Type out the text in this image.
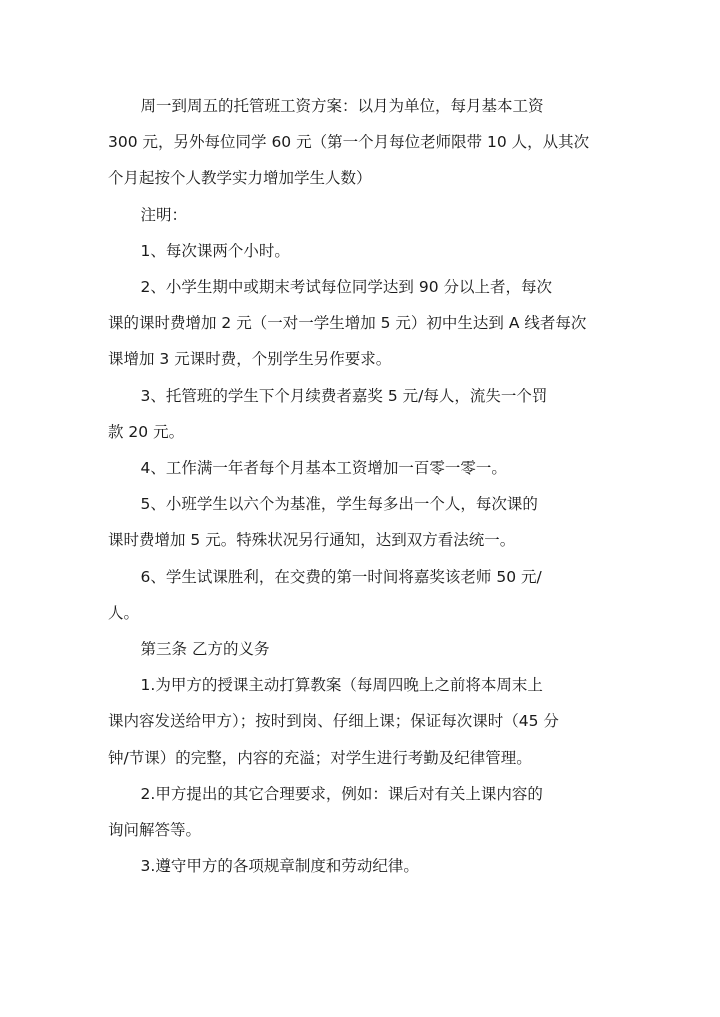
周一到周五的托管班工资方案：以月为单位，每月基本工资
300 元，另外每位同学 60 元（第一个月每位老师限带 10 人，从其次
个月起按个人教学实力增加学生人数）
注明：
1、每次课两个小时。
2、小学生期中或期末考试每位同学达到 90 分以上者，每次
课的课时费增加 2 元（一对一学生增加 5 元）初中生达到 A 线者每次
课增加 3 元课时费，个别学生另作要求。
3、托管班的学生下个月续费者嘉奖 5 元/每人，流失一个罚
款 20 元。
4、工作满一年者每个月基本工资增加一百零一零一。
5、小班学生以六个为基准，学生每多出一个人，每次课的
课时费增加 5 元。特殊状况另行通知，达到双方看法统一。
6、学生试课胜利，在交费的第一时间将嘉奖该老师 50 元/
人。
第三条 乙方的义务
1.为甲方的授课主动打算教案（每周四晚上之前将本周末上
课内容发送给甲方）；按时到岗、仔细上课；保证每次课时（45 分
钟/节课）的完整，内容的充溢；对学生进行考勤及纪律管理。
2.甲方提出的其它合理要求，例如：课后对有关上课内容的
询问解答等。
3.遵守甲方的各项规章制度和劳动纪律。
